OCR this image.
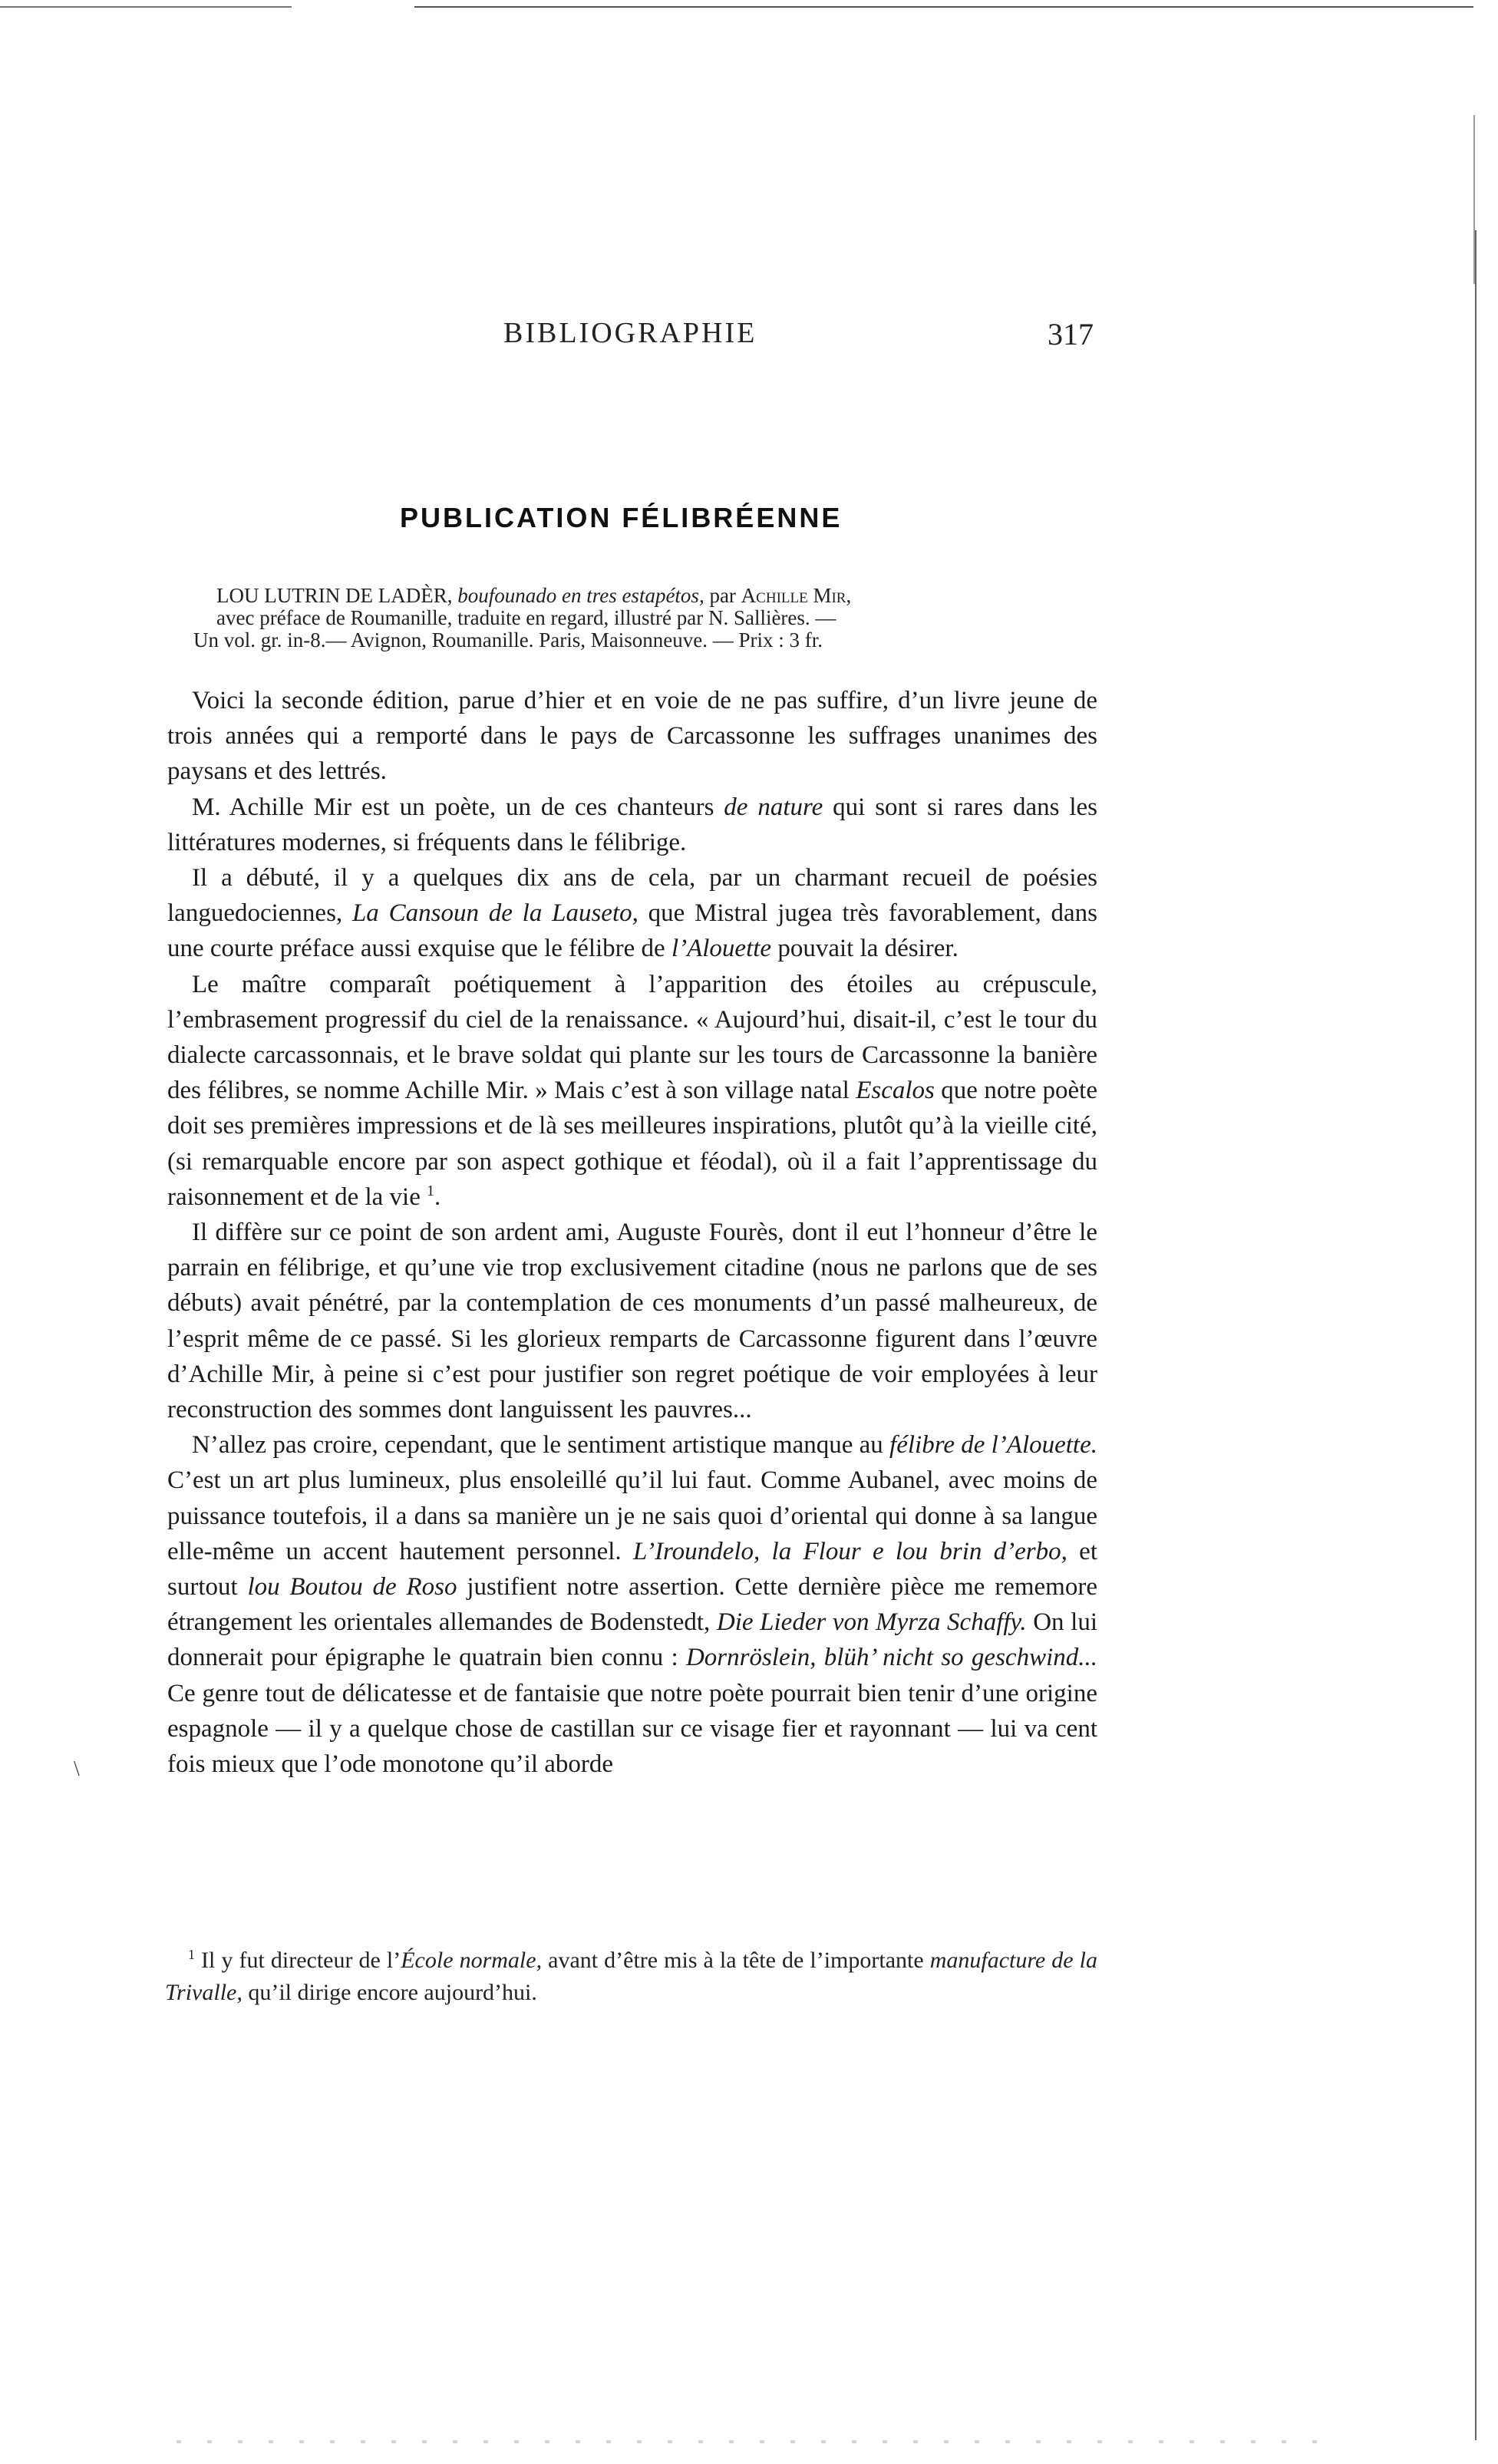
\
BIBLIOGRAPHIE	317
PUBLICATION FÉLIBRÉENNE
LOU LUTRIN DE LADÈR, boufounado en tres estapétos, par Achille Mir,
avec préface de Roumanille, traduite en regard, illustré par N. Sallières. —
Un vol. gr. in-8.— Avignon, Roumanille. Paris, Maisonneuve. — Prix : 3 fr.

Voici la seconde édition, parue d’hier et en voie de ne pas suffire, d’un livre jeune de trois années qui a remporté dans le pays de Carcassonne les suffrages unanimes des paysans et des lettrés.

M. Achille Mir est un poète, un de ces chanteurs de nature qui sont si rares dans les littératures modernes, si fréquents dans le félibrige.

Il a débuté, il y a quelques dix ans de cela, par un charmant recueil de poésies languedociennes, La Cansoun de la Lauseto, que Mistral jugea très favorablement, dans une courte préface aussi exquise que le félibre de l’Alouette pouvait la désirer.

Le maître comparaît poétiquement à l’apparition des étoiles au crépuscule, l’embrasement progressif du ciel de la renaissance. « Aujourd’hui, disait-il, c’est le tour du dialecte carcassonnais, et le brave soldat qui plante sur les tours de Carcassonne la banière des félibres, se nomme Achille Mir. » Mais c’est à son village natal Escalos que notre poète doit ses premières impressions et de là ses meilleures inspirations, plutôt qu’à la vieille cité, (si remarquable encore par son aspect gothique et féodal), où il a fait l’apprentissage du raisonnement et de la vie $^1$.

Il diffère sur ce point de son ardent ami, Auguste Fourès, dont il eut l’honneur d’être le parrain en félibrige, et qu’une vie trop exclusivement citadine (nous ne parlons que de ses débuts) avait pénétré, par la contemplation de ces monuments d’un passé malheureux, de l’esprit même de ce passé. Si les glorieux remparts de Carcassonne figurent dans l’œuvre d’Achille Mir, à peine si c’est pour justifier son regret poétique de voir employées à leur reconstruction des sommes dont languissent les pauvres...

N’allez pas croire, cependant, que le sentiment artistique manque au félibre de l’Alouette. C’est un art plus lumineux, plus ensoleillé qu’il lui faut. Comme Aubanel, avec moins de puissance toutefois, il a dans sa manière un je ne sais quoi d’oriental qui donne à sa langue elle-même un accent hautement personnel. L’Iroundelo, la Flour e lou brin d’erbo, et surtout lou Boutou de Roso justifient notre assertion. Cette dernière pièce me rememore étrangement les orientales allemandes de Bodenstedt, Die Lieder von Myrza Schaffy. On lui donnerait pour épigraphe le quatrain bien connu : Dornröslein, blüh’ nicht so geschwind... Ce genre tout de délicatesse et de fantaisie que notre poète pourrait bien tenir d’une origine espagnole — il y a quelque chose de castillan sur ce visage fier et rayonnant — lui va cent fois mieux que l’ode monotone qu’il aborde

$^1$ Il y fut directeur de l’École normale, avant d’être mis à la tête de l’importante manufacture de la Trivalle, qu’il dirige encore aujourd’hui.
